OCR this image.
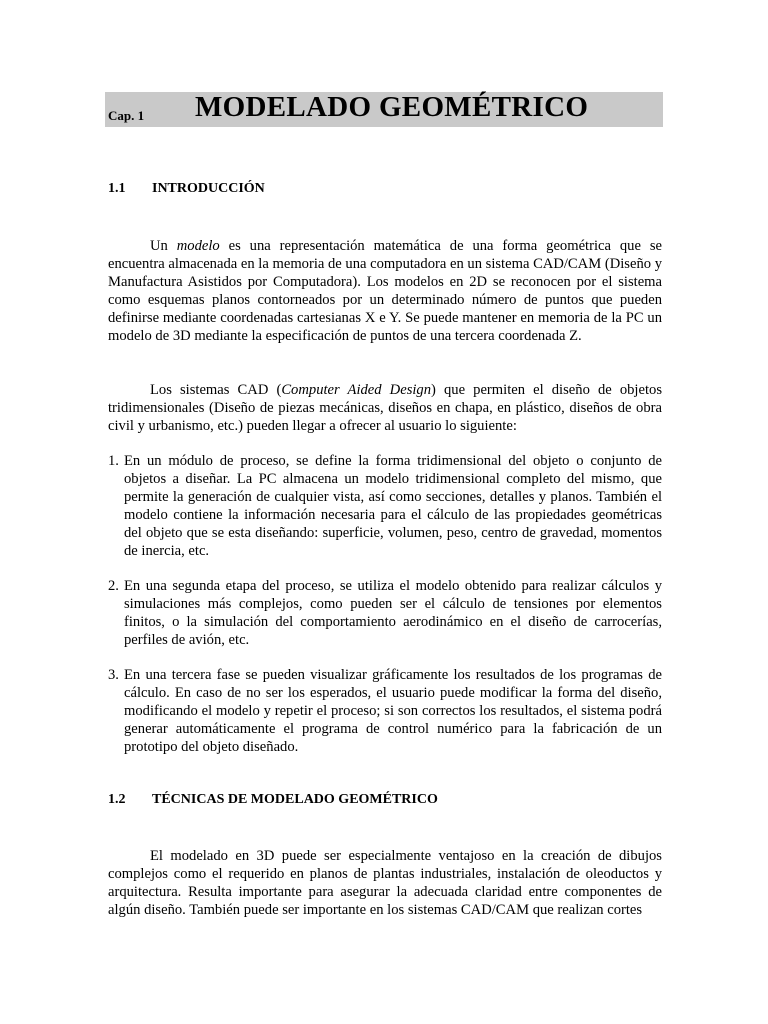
Cap. 1 MODELADO GEOMÉTRICO
1.1 INTRODUCCIÓN

Un modelo es una representación matemática de una forma geométrica que se encuentra almacenada en la memoria de una computadora en un sistema CAD/CAM (Diseño y Manufactura Asistidos por Computadora). Los modelos en 2D se reconocen por el sistema como esquemas planos contorneados por un determinado número de puntos que pueden definirse mediante coordenadas cartesianas X e Y. Se puede mantener en memoria de la PC un modelo de 3D mediante la especificación de puntos de una tercera coordenada Z.

Los sistemas CAD (Computer Aided Design) que permiten el diseño de objetos tridimensionales (Diseño de piezas mecánicas, diseños en chapa, en plástico, diseños de obra civil y urbanismo, etc.) pueden llegar a ofrecer al usuario lo siguiente:

1. En un módulo de proceso, se define la forma tridimensional del objeto o conjunto de objetos a diseñar. La PC almacena un modelo tridimensional completo del mismo, que permite la generación de cualquier vista, así como secciones, detalles y planos. También el modelo contiene la información necesaria para el cálculo de las propiedades geométricas del objeto que se esta diseñando: superficie, volumen, peso, centro de gravedad, momentos de inercia, etc.
2. En una segunda etapa del proceso, se utiliza el modelo obtenido para realizar cálculos y simulaciones más complejos, como pueden ser el cálculo de tensiones por elementos finitos, o la simulación del comportamiento aerodinámico en el diseño de carrocerías, perfiles de avión, etc.
3. En una tercera fase se pueden visualizar gráficamente los resultados de los programas de cálculo. En caso de no ser los esperados, el usuario puede modificar la forma del diseño, modificando el modelo y repetir el proceso; si son correctos los resultados, el sistema podrá generar automáticamente el programa de control numérico para la fabricación de un prototipo del objeto diseñado.
1.2 TÉCNICAS DE MODELADO GEOMÉTRICO

El modelado en 3D puede ser especialmente ventajoso en la creación de dibujos complejos como el requerido en planos de plantas industriales, instalación de oleoductos y arquitectura. Resulta importante para asegurar la adecuada claridad entre componentes de algún diseño. También puede ser importante en los sistemas CAD/CAM que realizan cortes
